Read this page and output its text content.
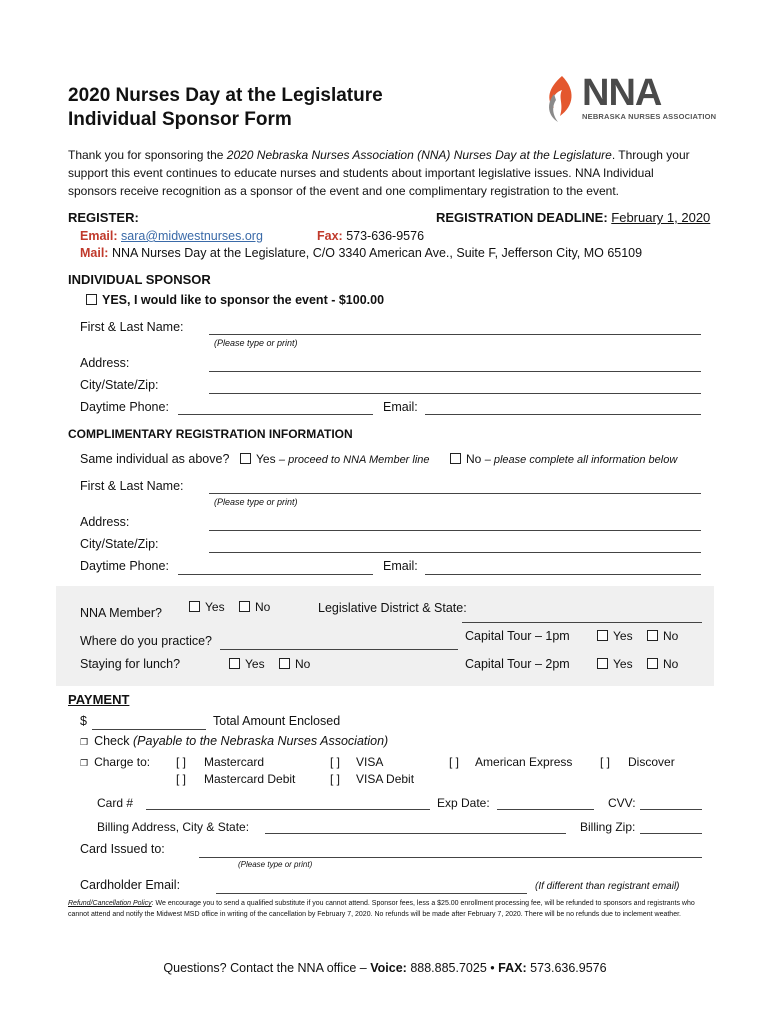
2020 Nurses Day at the Legislature
Individual Sponsor Form
NNA
NEBRASKA NURSES ASSOCIATION
Thank you for sponsoring the 2020 Nebraska Nurses Association (NNA) Nurses Day at the Legislature. Through your support this event continues to educate nurses and students about important legislative issues. NNA Individual sponsors receive recognition as a sponsor of the event and one complimentary registration to the event.
REGISTER:	REGISTRATION DEADLINE: February 1, 2020
Email: sara@midwestnurses.org	Fax: 573-636-9576
Mail: NNA Nurses Day at the Legislature, C/O 3340 American Ave., Suite F, Jefferson City, MO 65109
INDIVIDUAL SPONSOR
YES, I would like to sponsor the event - $100.00
First & Last Name:
(Please type or print)
Address:
City/State/Zip:
Daytime Phone:	Email:
COMPLIMENTARY REGISTRATION INFORMATION
Same individual as above?	Yes – proceed to NNA Member line	No – please complete all information below
First & Last Name:
(Please type or print)
Address:
City/State/Zip:
Daytime Phone:	Email:
NNA Member?	Yes	No	Legislative District & State:
Where do you practice?	Capital Tour – 1pm	Yes	No
Staying for lunch?	Yes	No	Capital Tour – 2pm	Yes	No
PAYMENT
$	Total Amount Enclosed
❐ Check (Payable to the Nebraska Nurses Association)
❐ Charge to: [ ] Mastercard	[ ] VISA	[ ] American Express [ ] Discover
[ ] Mastercard Debit	[ ] VISA Debit
Card #	Exp Date:	CVV:
Billing Address, City & State:	Billing Zip:
Card Issued to:
(Please type or print)
Cardholder Email:	(If different than registrant email)
Refund/Cancellation Policy: We encourage you to send a qualified substitute if you cannot attend. Sponsor fees, less a $25.00 enrollment processing fee, will be refunded to sponsors and registrants who cannot attend and notify the Midwest MSD office in writing of the cancellation by February 7, 2020. No refunds will be made after February 7, 2020. There will be no refunds due to inclement weather.
Questions? Contact the NNA office – Voice: 888.885.7025 • FAX: 573.636.9576
